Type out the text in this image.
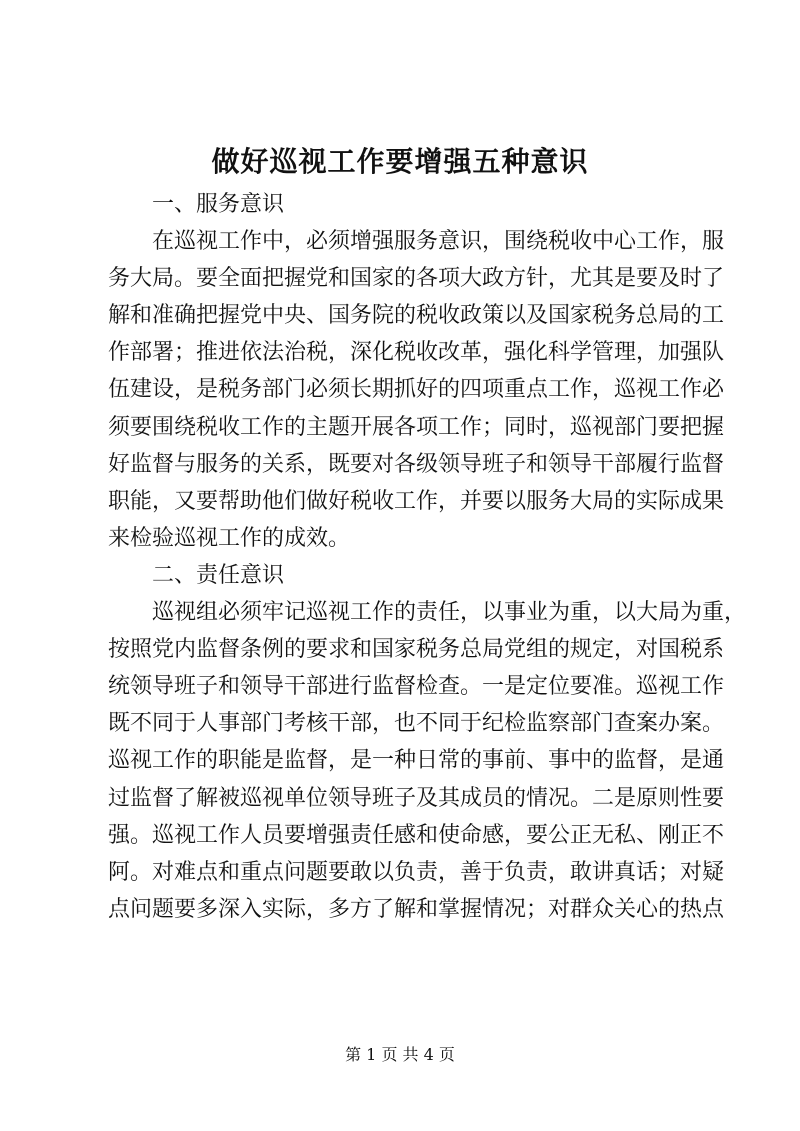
做好巡视工作要增强五种意识
一、服务意识
在巡视工作中，必须增强服务意识，围绕税收中心工作，服
务大局。要全面把握党和国家的各项大政方针，尤其是要及时了
解和准确把握党中央、国务院的税收政策以及国家税务总局的工
作部署；推进依法治税，深化税收改革，强化科学管理，加强队
伍建设，是税务部门必须长期抓好的四项重点工作，巡视工作必
须要围绕税收工作的主题开展各项工作；同时，巡视部门要把握
好监督与服务的关系，既要对各级领导班子和领导干部履行监督
职能，又要帮助他们做好税收工作，并要以服务大局的实际成果
来检验巡视工作的成效。
二、责任意识
巡视组必须牢记巡视工作的责任，以事业为重，以大局为重，
按照党内监督条例的要求和国家税务总局党组的规定，对国税系
统领导班子和领导干部进行监督检查。一是定位要准。巡视工作
既不同于人事部门考核干部，也不同于纪检监察部门查案办案。
巡视工作的职能是监督，是一种日常的事前、事中的监督，是通
过监督了解被巡视单位领导班子及其成员的情况。二是原则性要
强。巡视工作人员要增强责任感和使命感，要公正无私、刚正不
阿。对难点和重点问题要敢以负责，善于负责，敢讲真话；对疑
点问题要多深入实际，多方了解和掌握情况；对群众关心的热点
第 1 页 共 4 页
